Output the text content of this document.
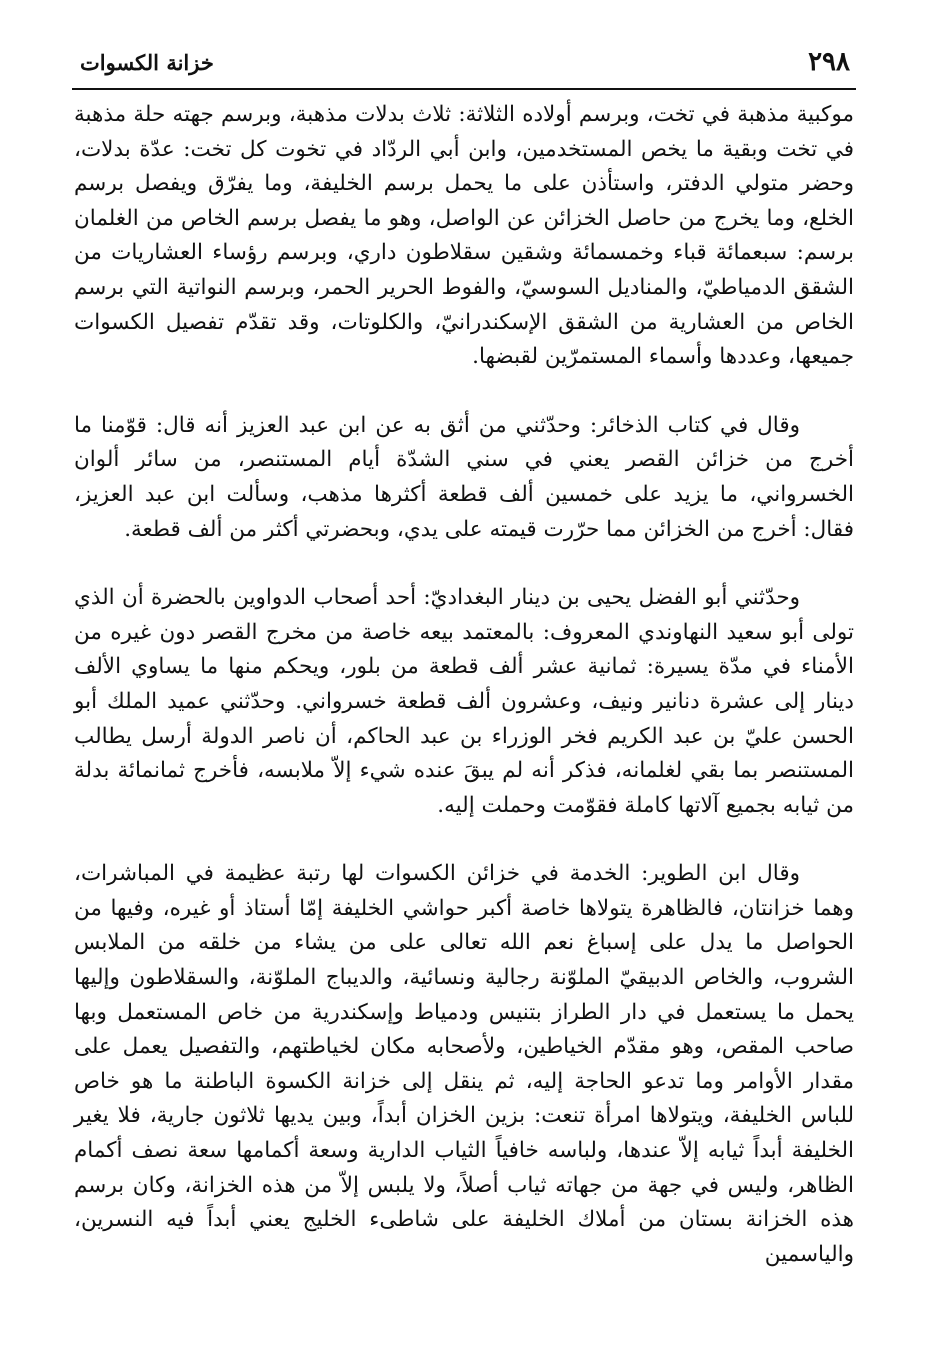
٢٩٨
خزانة الكسوات

موكبية مذهبة في تخت، وبرسم أولاده الثلاثة: ثلاث بدلات مذهبة، وبرسم جهته حلة مذهبة في تخت وبقية ما يخص المستخدمين، وابن أبي الردّاد في تخوت كل تخت: عدّة بدلات، وحضر متولي الدفتر، واستأذن على ما يحمل برسم الخليفة، وما يفرّق ويفصل برسم الخلع، وما يخرج من حاصل الخزائن عن الواصل، وهو ما يفصل برسم الخاص من الغلمان برسم: سبعمائة قباء وخمسمائة وشقين سقلاطون داري، وبرسم رؤساء العشاريات من الشقق الدمياطيّ، والمناديل السوسيّ، والفوط الحرير الحمر، وبرسم النواتية التي برسم الخاص من العشارية من الشقق الإسكندرانيّ، والكلوتات، وقد تقدّم تفصيل الكسوات جميعها، وعددها وأسماء المستمرّين لقبضها.

وقال في كتاب الذخائر: وحدّثني من أثق به عن ابن عبد العزيز أنه قال: قوّمنا ما أخرج من خزائن القصر يعني في سني الشدّة أيام المستنصر، من سائر ألوان الخسرواني، ما يزيد على خمسين ألف قطعة أكثرها مذهب، وسألت ابن عبد العزيز، فقال: أخرج من الخزائن مما حرّرت قيمته على يدي، وبحضرتي أكثر من ألف قطعة.

وحدّثني أبو الفضل يحيى بن دينار البغداديّ: أحد أصحاب الدواوين بالحضرة أن الذي تولى أبو سعيد النهاوندي المعروف: بالمعتمد بيعه خاصة من مخرج القصر دون غيره من الأمناء في مدّة يسيرة: ثمانية عشر ألف قطعة من بلور، ويحكم منها ما يساوي الألف دينار إلى عشرة دنانير ونيف، وعشرون ألف قطعة خسرواني. وحدّثني عميد الملك أبو الحسن عليّ بن عبد الكريم فخر الوزراء بن عبد الحاكم، أن ناصر الدولة أرسل يطالب المستنصر بما بقي لغلمانه، فذكر أنه لم يبقَ عنده شيء إلاّ ملابسه، فأخرج ثمانمائة بدلة من ثيابه بجميع آلاتها كاملة فقوّمت وحملت إليه.

وقال ابن الطوير: الخدمة في خزائن الكسوات لها رتبة عظيمة في المباشرات، وهما خزانتان، فالظاهرة يتولاها خاصة أكبر حواشي الخليفة إمّا أستاذ أو غيره، وفيها من الحواصل ما يدل على إسباغ نعم الله تعالى على من يشاء من خلقه من الملابس الشروب، والخاص الدبيقيّ الملوّنة رجالية ونسائية، والديباج الملوّنة، والسقلاطون وإليها يحمل ما يستعمل في دار الطراز بتنيس ودمياط وإسكندرية من خاص المستعمل وبها صاحب المقص، وهو مقدّم الخياطين، ولأصحابه مكان لخياطتهم، والتفصيل يعمل على مقدار الأوامر وما تدعو الحاجة إليه، ثم ينقل إلى خزانة الكسوة الباطنة ما هو خاص للباس الخليفة، ويتولاها امرأة تنعت: بزين الخزان أبداً، وبين يديها ثلاثون جارية، فلا يغير الخليفة أبداً ثيابه إلاّ عندها، ولباسه خافياً الثياب الدارية وسعة أكمامها سعة نصف أكمام الظاهر، وليس في جهة من جهاته ثياب أصلاً، ولا يلبس إلاّ من هذه الخزانة، وكان برسم هذه الخزانة بستان من أملاك الخليفة على شاطىء الخليج يعني أبداً فيه النسرين، والياسمين
